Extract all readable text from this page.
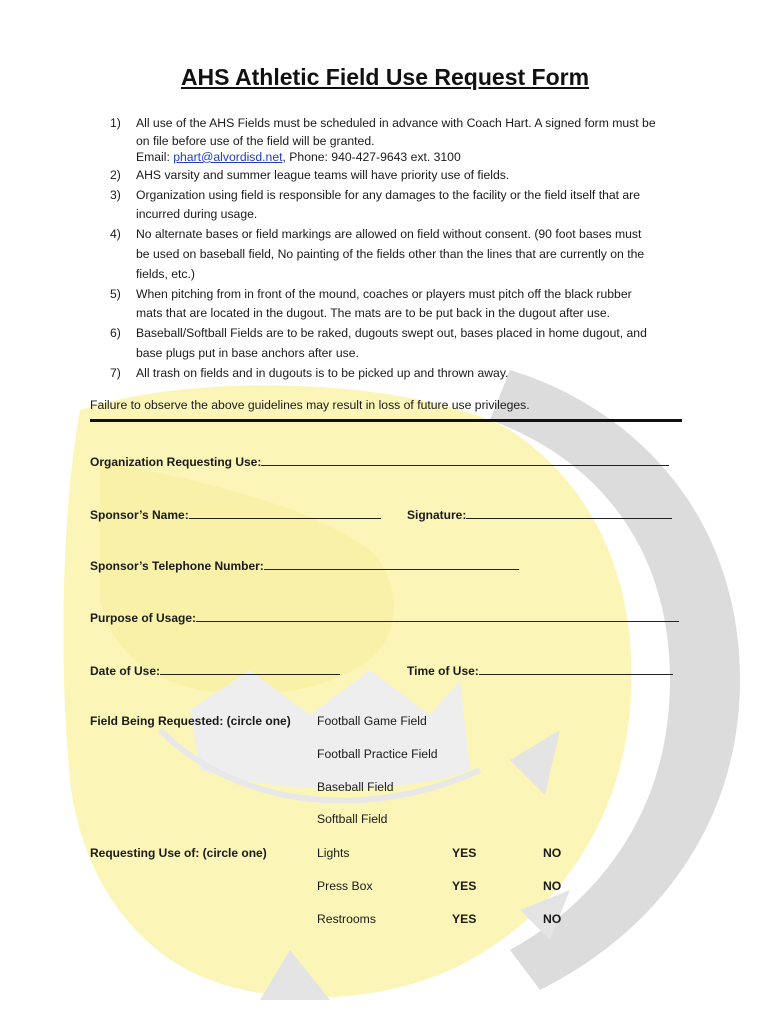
AHS Athletic Field Use Request Form
1) All use of the AHS Fields must be scheduled in advance with Coach Hart. A signed form must be
on file before use of the field will be granted.
Email: phart@alvordisd.net, Phone: 940-427-9643 ext. 3100
2) AHS varsity and summer league teams will have priority use of fields.
3) Organization using field is responsible for any damages to the facility or the field itself that are
incurred during usage.
4) No alternate bases or field markings are allowed on field without consent. (90 foot bases must
be used on baseball field, No painting of the fields other than the lines that are currently on the
fields, etc.)
5) When pitching from in front of the mound, coaches or players must pitch off the black rubber
mats that are located in the dugout. The mats are to be put back in the dugout after use.
6) Baseball/Softball Fields are to be raked, dugouts swept out, bases placed in home dugout, and
base plugs put in base anchors after use.
7) All trash on fields and in dugouts is to be picked up and thrown away.
Failure to observe the above guidelines may result in loss of future use privileges.
Organization Requesting Use:
Sponsor’s Name:	Signature:
Sponsor’s Telephone Number:
Purpose of Usage:
Date of Use:	Time of Use:
Field Being Requested: (circle one) Football Game Field
Football Practice Field
Baseball Field
Softball Field
Requesting Use of: (circle one)	Lights	YES	NO
Press Box	YES	NO
Restrooms	YES	NO
